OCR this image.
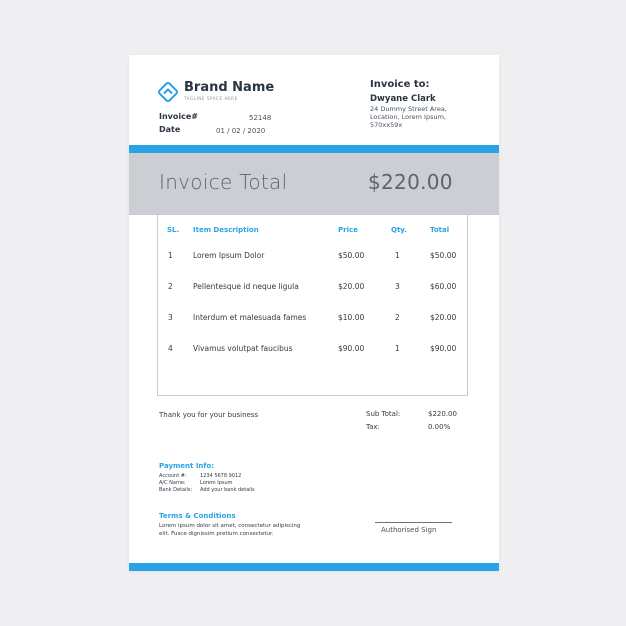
Brand Name
TAGLINE SPACE HERE
Invoice#	52148
Date	01 / 02 / 2020
Invoice to:
Dwyane Clark
24 Dummy Street Area,
Location, Lorem Ipsum,
570xx59x
Invoice Total	$220.00
SL. Item Description	Price	Qty.	Total
1	Lorem Ipsum Dolor	$50.00	1	$50.00
2	Pellentesque id neque ligula	$20.00	3	$60.00
3	Interdum et malesuada fames	$10.00	2	$20.00
4	Vivamus volutpat faucibus	$90.00	1	$90.00
Thank you for your business	Sub Total:	$220.00
Tax:	0.00%
Payment Info:
Account #:	1234 5678 9012
A/C Name:	Lorem Ipsum
Bank Details: Add your bank details
Terms & Conditions
Lorem ipsum dolor sit amet, consectetur adipiscing elit. Fusce dignissim pretium consectetur.	Authorised Sign
